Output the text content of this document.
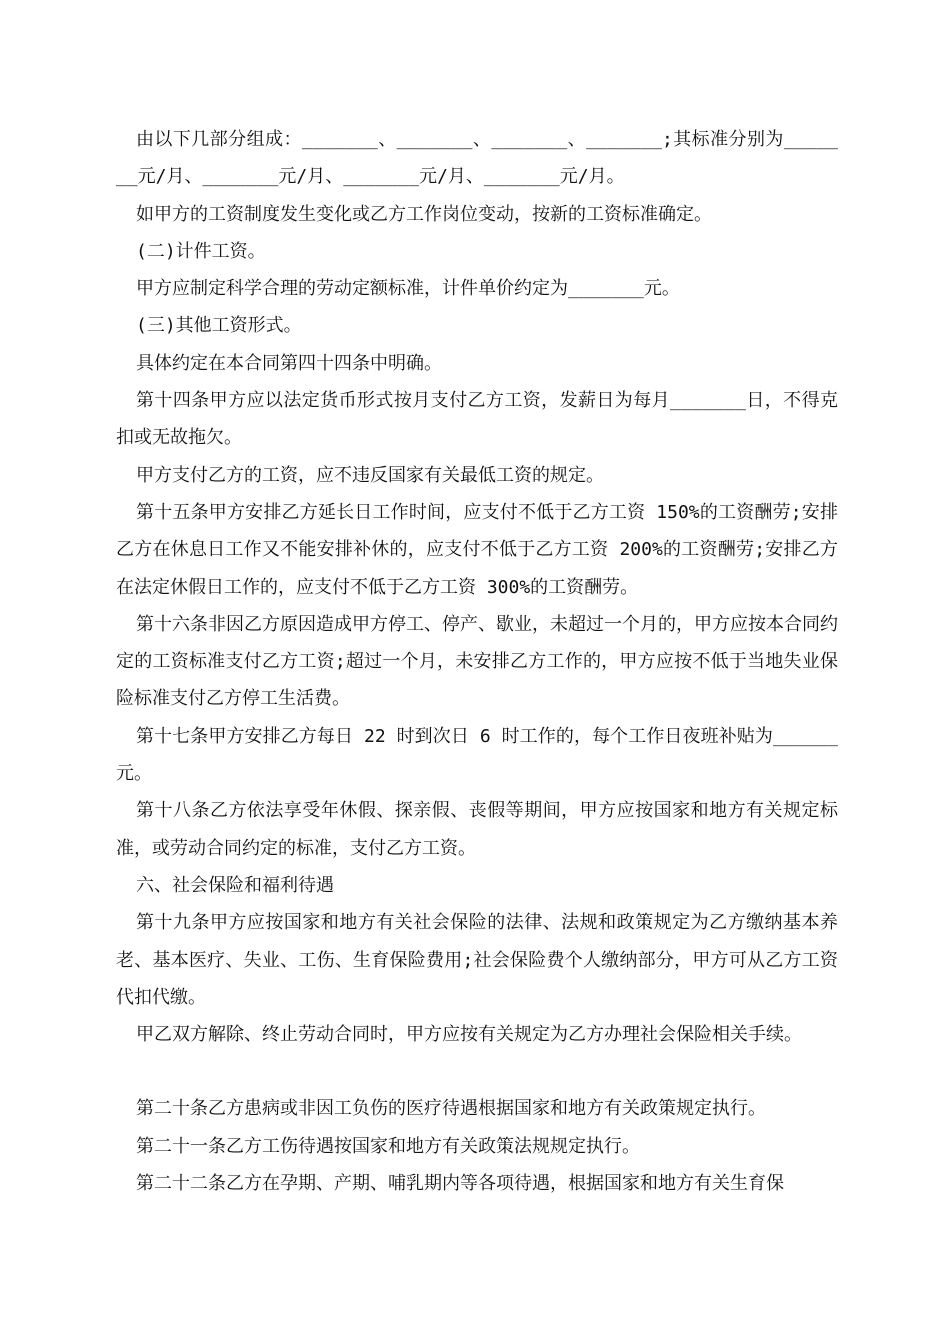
由以下几部分组成：_______、_______、_______、_______;其标准分别为_______元/月、_______元/月、_______元/月、_______元/月。

如甲方的工资制度发生变化或乙方工作岗位变动，按新的工资标准确定。

(二)计件工资。

甲方应制定科学合理的劳动定额标准，计件单价约定为_______元。

(三)其他工资形式。

具体约定在本合同第四十四条中明确。

第十四条甲方应以法定货币形式按月支付乙方工资，发薪日为每月_______日，不得克扣或无故拖欠。

甲方支付乙方的工资，应不违反国家有关最低工资的规定。

第十五条甲方安排乙方延长日工作时间，应支付不低于乙方工资 150%的工资酬劳;安排乙方在休息日工作又不能安排补休的，应支付不低于乙方工资 200%的工资酬劳;安排乙方在法定休假日工作的，应支付不低于乙方工资 300%的工资酬劳。

第十六条非因乙方原因造成甲方停工、停产、歇业，未超过一个月的，甲方应按本合同约定的工资标准支付乙方工资;超过一个月，未安排乙方工作的，甲方应按不低于当地失业保险标准支付乙方停工生活费。

第十七条甲方安排乙方每日 22 时到次日 6 时工作的，每个工作日夜班补贴为______元。

第十八条乙方依法享受年休假、探亲假、丧假等期间，甲方应按国家和地方有关规定标准，或劳动合同约定的标准，支付乙方工资。

六、社会保险和福利待遇

第十九条甲方应按国家和地方有关社会保险的法律、法规和政策规定为乙方缴纳基本养老、基本医疗、失业、工伤、生育保险费用;社会保险费个人缴纳部分，甲方可从乙方工资代扣代缴。

甲乙双方解除、终止劳动合同时，甲方应按有关规定为乙方办理社会保险相关手续。

第二十条乙方患病或非因工负伤的医疗待遇根据国家和地方有关政策规定执行。

第二十一条乙方工伤待遇按国家和地方有关政策法规规定执行。

第二十二条乙方在孕期、产期、哺乳期内等各项待遇，根据国家和地方有关生育保
